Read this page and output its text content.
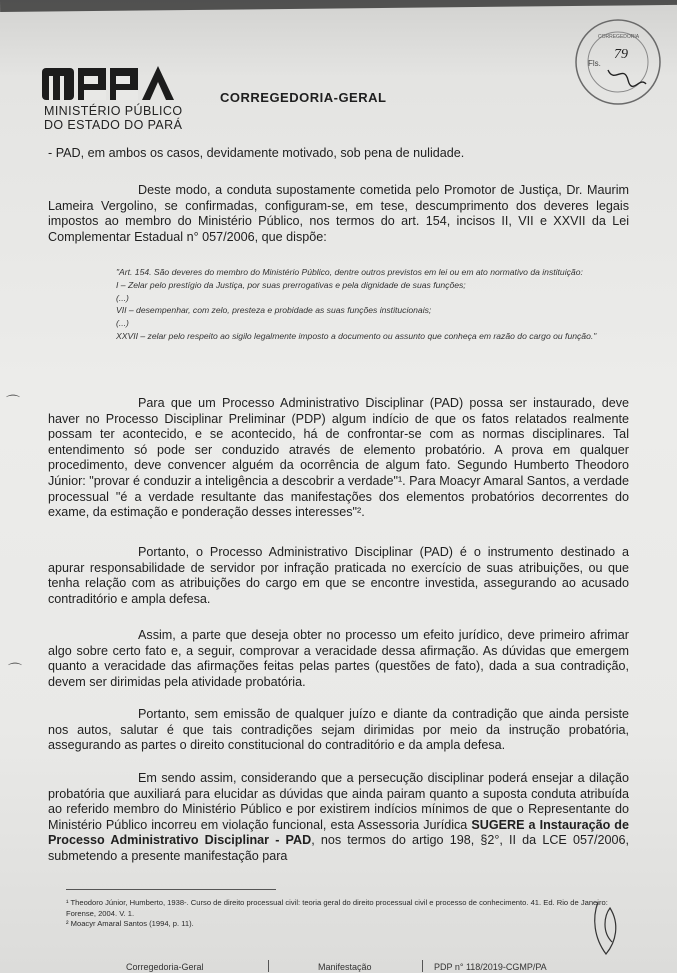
MINISTÉRIO PÚBLICO
DO ESTADO DO PARÁ
CORREGEDORIA-GERAL
Fls.
79
CORREGEDORIA
- PAD, em ambos os casos, devidamente motivado, sob pena de nulidade.
Deste modo, a conduta supostamente cometida pelo Promotor de Justiça, Dr. Maurim Lameira Vergolino, se confirmadas, configuram-se, em tese, descumprimento dos deveres legais impostos ao membro do Ministério Público, nos termos do art. 154, incisos II, VII e XXVII da Lei Complementar Estadual n° 057/2006, que dispõe:
"Art. 154. São deveres do membro do Ministério Público, dentre outros previstos em lei ou em ato normativo da instituição:
I – Zelar pelo prestígio da Justiça, por suas prerrogativas e pela dignidade de suas funções;
(...)
VII – desempenhar, com zelo, presteza e probidade as suas funções institucionais;
(...)
XXVII – zelar pelo respeito ao sigilo legalmente imposto a documento ou assunto que conheça em razão do cargo ou função."
Para que um Processo Administrativo Disciplinar (PAD) possa ser instaurado, deve haver no Processo Disciplinar Preliminar (PDP) algum indício de que os fatos relatados realmente possam ter acontecido, e se acontecido, há de confrontar-se com as normas disciplinares. Tal entendimento só pode ser conduzido através de elemento probatório. A prova em qualquer procedimento, deve convencer alguém da ocorrência de algum fato. Segundo Humberto Theodoro Júnior: "provar é conduzir a inteligência a descobrir a verdade"¹. Para Moacyr Amaral Santos, a verdade processual "é a verdade resultante das manifestações dos elementos probatórios decorrentes do exame, da estimação e ponderação desses interesses"².
Portanto, o Processo Administrativo Disciplinar (PAD) é o instrumento destinado a apurar responsabilidade de servidor por infração praticada no exercício de suas atribuições, ou que tenha relação com as atribuições do cargo em que se encontre investida, assegurando ao acusado contraditório e ampla defesa.
Assim, a parte que deseja obter no processo um efeito jurídico, deve primeiro afrimar algo sobre certo fato e, a seguir, comprovar a veracidade dessa afirmação. As dúvidas que emergem quanto a veracidade das afirmações feitas pelas partes (questões de fato), dada a sua contradição, devem ser dirimidas pela atividade probatória.
Portanto, sem emissão de qualquer juízo e diante da contradição que ainda persiste nos autos, salutar é que tais contradições sejam dirimidas por meio da instrução probatória, assegurando as partes o direito constitucional do contraditório e da ampla defesa.
Em sendo assim, considerando que a persecução disciplinar poderá ensejar a dilação probatória que auxiliará para elucidar as dúvidas que ainda pairam quanto a suposta conduta atribuída ao referido membro do Ministério Público e por existirem indícios mínimos de que o Representante do Ministério Público incorreu em violação funcional, esta Assessoria Jurídica SUGERE a Instauração de Processo Administrativo Disciplinar - PAD, nos termos do artigo 198, §2°, II da LCE 057/2006, submetendo a presente manifestação para
¹ Theodoro Júnior, Humberto, 1938-. Curso de direito processual civil: teoria geral do direito processual civil e processo de conhecimento. 41. Ed. Rio de Janeiro: Forense, 2004. V. 1.
² Moacyr Amaral Santos (1994, p. 11).
Corregedoria-Geral	Manifestação	PDP n° 118/2019-CGMP/PA
⌒
⌒
